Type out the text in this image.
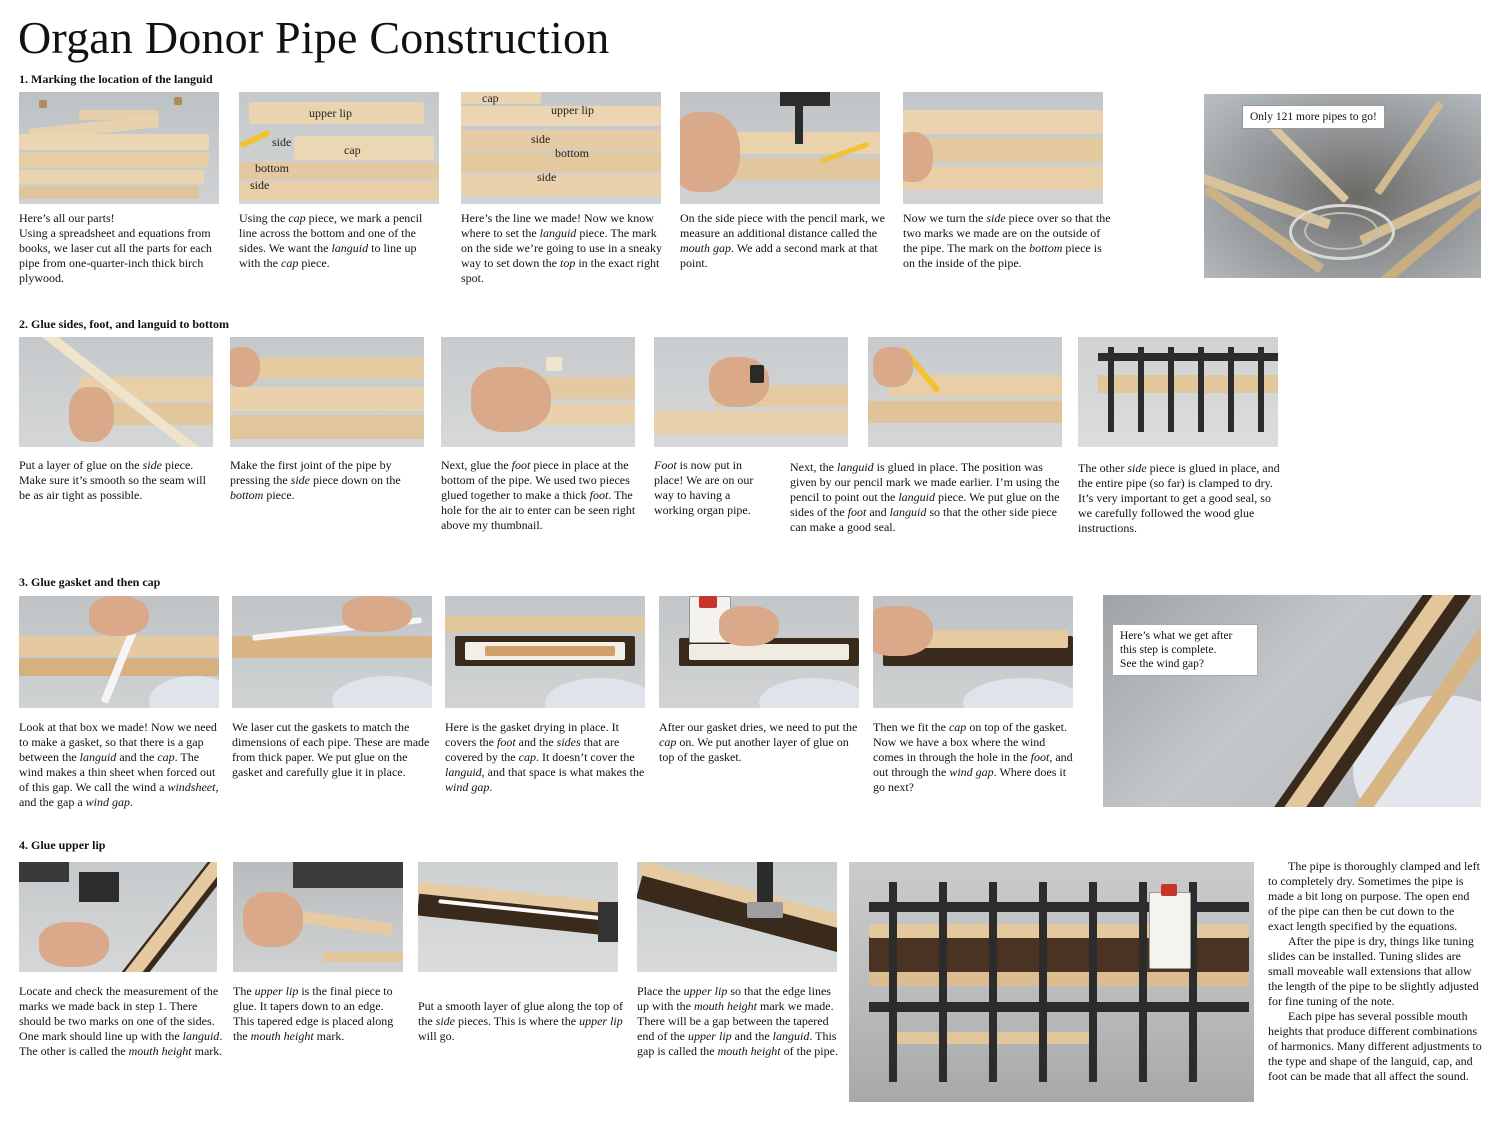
Organ Donor Pipe Construction
1. Marking the location of the languid

Here’s all our parts!
Using a spreadsheet and equations from books, we laser cut all the parts for each pipe from one-quarter-inch thick birch plywood.

upper lip
side
cap
bottom
side

Using the cap piece, we mark a pencil line across the bottom and one of the sides. We want the languid to line up with the cap piece.

cap
upper lip
side
bottom
side

Here’s the line we made! Now we know where to set the languid piece. The mark on the side we’re going to use in a sneaky way to set down the top in the exact right spot.

On the side piece with the pencil mark, we measure an additional distance called the mouth gap. We add a second mark at that point.

Now we turn the side piece over so that the two marks we made are on the outside of the pipe. The mark on the bottom piece is on the inside of the pipe.

Only 121 more pipes to go!
2. Glue sides, foot, and languid to bottom

Put a layer of glue on the side piece. Make sure it’s smooth so the seam will be as air tight as possible.

Make the first joint of the pipe by pressing the side piece down on the bottom piece.

Next, glue the foot piece in place at the bottom of the pipe. We used two pieces glued together to make a thick foot. The hole for the air to enter can be seen right above my thumbnail.

Foot is now put in place! We are on our way to having a working organ pipe.

Next, the languid is glued in place. The position was given by our pencil mark we made earlier. I’m using the pencil to point out the languid piece. We put glue on the sides of the foot and languid so that the other side piece can make a good seal.

The other side piece is glued in place, and the entire pipe (so far) is clamped to dry. It’s very important to get a good seal, so we carefully followed the wood glue instructions.

3. Glue gasket and then cap

Look at that box we made! Now we need to make a gasket, so that there is a gap between the languid and the cap. The wind makes a thin sheet when forced out of this gap. We call the wind a windsheet, and the gap a wind gap.

We laser cut the gaskets to match the dimensions of each pipe. These are made from thick paper. We put glue on the gasket and carefully glue it in place.

Here is the gasket drying in place. It covers the foot and the sides that are covered by the cap. It doesn’t cover the languid, and that space is what makes the wind gap.

After our gasket dries, we need to put the cap on. We put another layer of glue on top of the gasket.

Then we fit the cap on top of the gasket. Now we have a box where the wind comes in through the hole in the foot, and out through the wind gap. Where does it go next?

Here’s what we get after
this step is complete.
See the wind gap?
4. Glue upper lip

Locate and check the measurement of the marks we made back in step 1. There should be two marks on one of the sides. One mark should line up with the languid. The other is called the mouth height mark.

The upper lip is the final piece to glue. It tapers down to an edge. This tapered edge is placed along the mouth height mark.

Put a smooth layer of glue along the top of the side pieces. This is where the upper lip will go.

Place the upper lip so that the edge lines up with the mouth height mark we made. There will be a gap between the tapered end of the upper lip and the languid. This gap is called the mouth height of the pipe.

The pipe is thoroughly clamped and left to completely dry. Sometimes the pipe is made a bit long on purpose. The open end of the pipe can then be cut down to the exact length specified by the equations.

After the pipe is dry, things like tuning slides can be installed. Tuning slides are small moveable wall extensions that allow the length of the pipe to be slightly adjusted for fine tuning of the note.

Each pipe has several possible mouth heights that produce different combinations of harmonics. Many different adjustments to the type and shape of the languid, cap, and foot can be made that all affect the sound.
